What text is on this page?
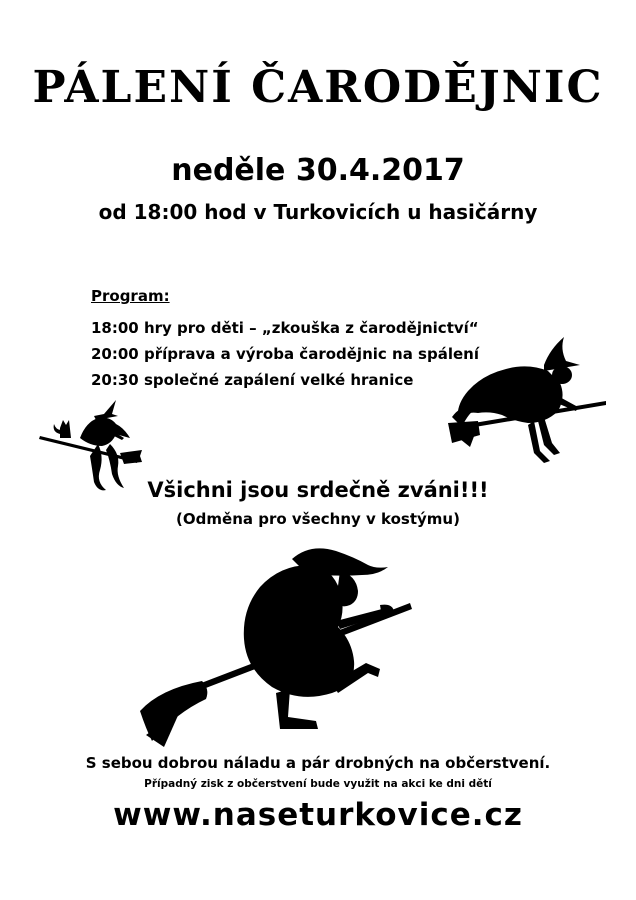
PÁLENÍ ČARODĚJNIC
neděle 30.4.2017
od 18:00 hod v Turkovicích u hasičárny
Program:
18:00 hry pro děti – „zkouška z čarodějnictví“
20:00 příprava a výroba čarodějnic na spálení
20:30 společné zapálení velké hranice
Všichni jsou srdečně zváni!!!
(Odměna pro všechny v kostýmu)
S sebou dobrou náladu a pár drobných na občerstvení.
Případný zisk z občerstvení bude využit na akci ke dni dětí
www.naseturkovice.cz
